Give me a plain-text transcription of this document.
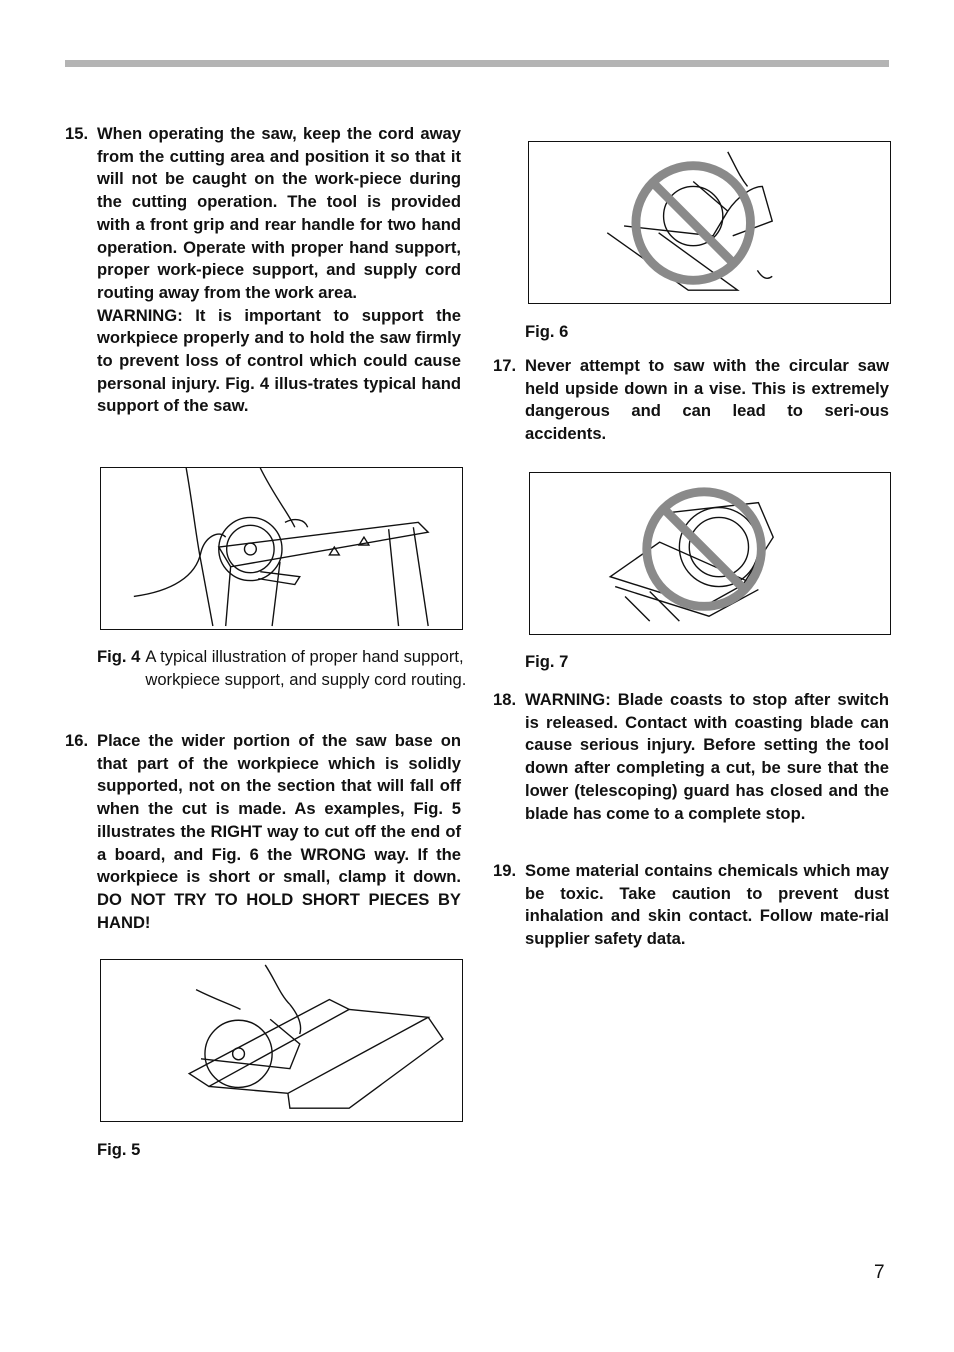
15. When operating the saw, keep the cord away from the cutting area and position it so that it will not be caught on the work-piece during the cutting operation. The tool is provided with a front grip and rear handle for two hand operation. Operate with proper hand support, proper work-piece support, and supply cord routing away from the work area.
WARNING: It is important to support the workpiece properly and to hold the saw firmly to prevent loss of control which could cause personal injury. Fig. 4 illus-trates typical hand support of the saw.
Fig. 4 A typical illustration of proper hand support, workpiece support, and supply cord routing.
16. Place the wider portion of the saw base on that part of the workpiece which is solidly supported, not on the section that will fall off when the cut is made. As examples, Fig. 5 illustrates the RIGHT way to cut off the end of a board, and Fig. 6 the WRONG way. If the workpiece is short or small, clamp it down. DO NOT TRY TO HOLD SHORT PIECES BY HAND!
Fig. 5
Fig. 6
17. Never attempt to saw with the circular saw held upside down in a vise. This is extremely dangerous and can lead to seri-ous accidents.
Fig. 7
18. WARNING: Blade coasts to stop after switch is released. Contact with coasting blade can cause serious injury. Before setting the tool down after completing a cut, be sure that the lower (telescoping) guard has closed and the blade has come to a complete stop.
19. Some material contains chemicals which may be toxic. Take caution to prevent dust inhalation and skin contact. Follow mate-rial supplier safety data.
7
